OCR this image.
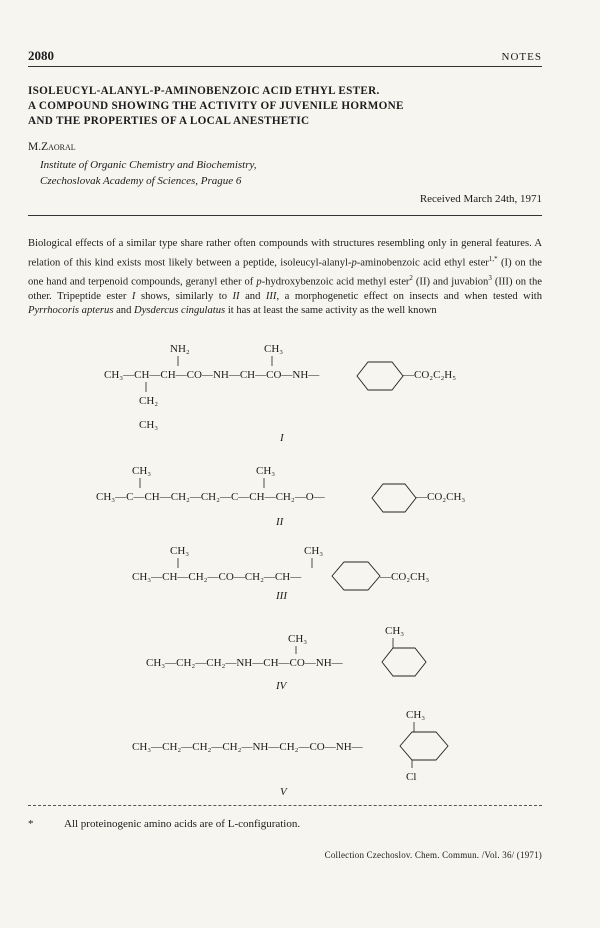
2080	NOTES
ISOLEUCYL-ALANYL-P-AMINOBENZOIC ACID ETHYL ESTER.
A COMPOUND SHOWING THE ACTIVITY OF JUVENILE HORMONE
AND THE PROPERTIES OF A LOCAL ANESTHETIC
M.Zaoral
Institute of Organic Chemistry and Biochemistry,
Czechoslovak Academy of Sciences, Prague 6
Received March 24th, 1971
Biological effects of a similar type share rather often compounds with structures resembling only in general features. A relation of this kind exists most likely between a peptide, isoleucyl-alanyl-p-aminobenzoic acid ethyl ester$^{1,*}$ (I) on the one hand and terpenoid compounds, geranyl ether of p-hydroxybenzoic acid methyl ester$^2$ (II) and juvabion$^3$ (III) on the other. Tripeptide ester I shows, similarly to II and III, a morphogenetic effect on insects and when tested with Pyrrhocoris apterus and Dysdercus cingulatus it has at least the same activity as the well known
NH₂	CH₃
CH₃—CH—CH—CO—NH—CH—CO—NH—	—CO₂C₂H₅
CH₂
CH₃
I
CH₃	CH₃
CH₃—C—CH—CH₂—CH₂—C—CH—CH₂—O—	—CO₂CH₃
II
CH₃	CH₃
CH₃—CH—CH₂—CO—CH₂—CH—	—CO₂CH₃
III
CH₃
CH₃
CH₃—CH₂—CH₂—NH—CH—CO—NH—
IV
CH₃
CH₃—CH₂—CH₂—CH₂—NH—CH₂—CO—NH—
Cl
V
*	All proteinogenic amino acids are of L-configuration.
Collection Czechoslov. Chem. Commun. /Vol. 36/ (1971)
